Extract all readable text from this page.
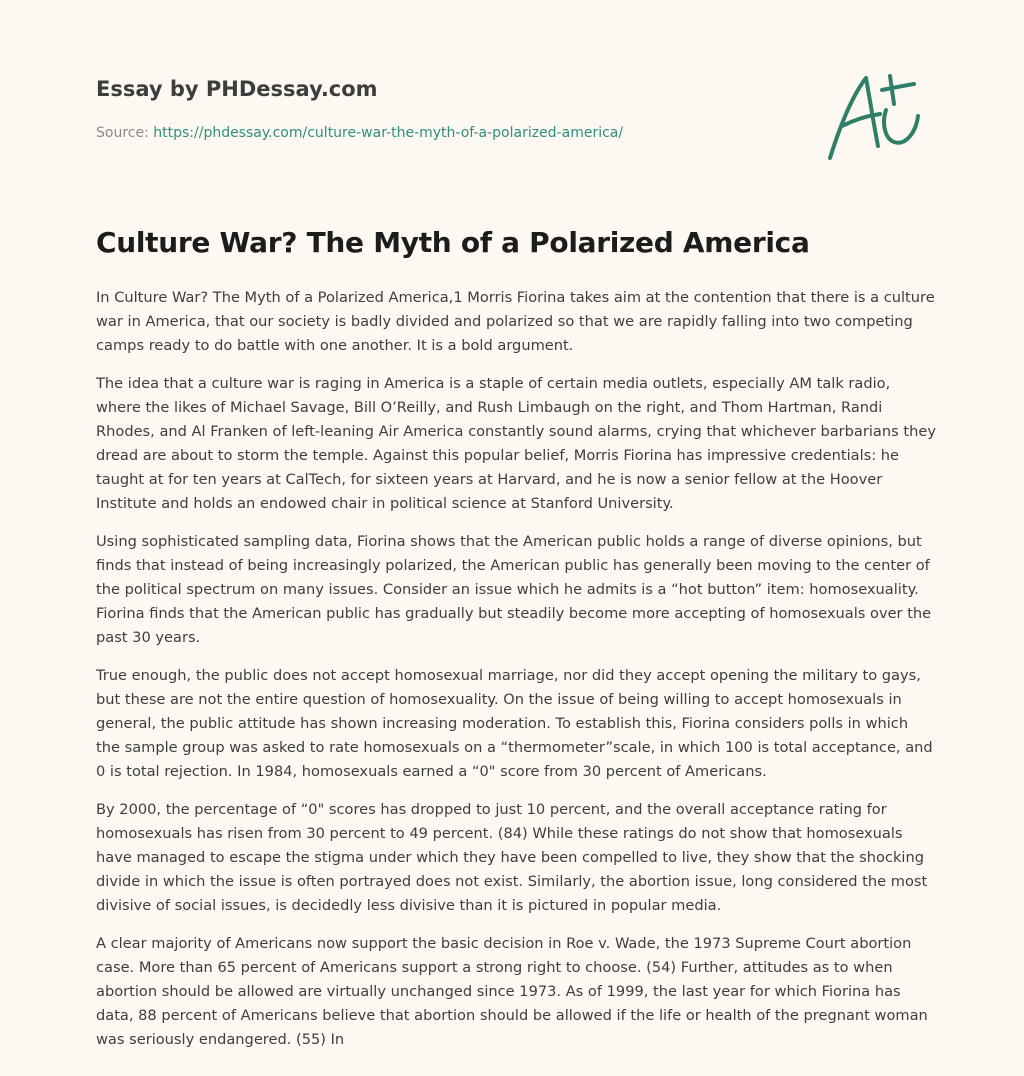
Essay by PHDessay.com
Source: https://phdessay.com/culture-war-the-myth-of-a-polarized-america/
Culture War? The Myth of a Polarized America

In Culture War? The Myth of a Polarized America,1 Morris Fiorina takes aim at the contention that there is a culture war in America, that our society is badly divided and polarized so that we are rapidly falling into two competing camps ready to do battle with one another. It is a bold argument.

The idea that a culture war is raging in America is a staple of certain media outlets, especially AM talk radio, where the likes of Michael Savage, Bill O’Reilly, and Rush Limbaugh on the right, and Thom Hartman, Randi Rhodes, and Al Franken of left-leaning Air America constantly sound alarms, crying that whichever barbarians they dread are about to storm the temple. Against this popular belief, Morris Fiorina has impressive credentials: he taught at for ten years at CalTech, for sixteen years at Harvard, and he is now a senior fellow at the Hoover Institute and holds an endowed chair in political science at Stanford University.

Using sophisticated sampling data, Fiorina shows that the American public holds a range of diverse opinions, but finds that instead of being increasingly polarized, the American public has generally been moving to the center of the political spectrum on many issues. Consider an issue which he admits is a “hot button” item: homosexuality. Fiorina finds that the American public has gradually but steadily become more accepting of homosexuals over the past 30 years.

True enough, the public does not accept homosexual marriage, nor did they accept opening the military to gays, but these are not the entire question of homosexuality. On the issue of being willing to accept homosexuals in general, the public attitude has shown increasing moderation. To establish this, Fiorina considers polls in which the sample group was asked to rate homosexuals on a “thermometer”scale, in which 100 is total acceptance, and 0 is total rejection. In 1984, homosexuals earned a “0" score from 30 percent of Americans.

By 2000, the percentage of “0" scores has dropped to just 10 percent, and the overall acceptance rating for homosexuals has risen from 30 percent to 49 percent. (84) While these ratings do not show that homosexuals have managed to escape the stigma under which they have been compelled to live, they show that the shocking divide in which the issue is often portrayed does not exist. Similarly, the abortion issue, long considered the most divisive of social issues, is decidedly less divisive than it is pictured in popular media.

A clear majority of Americans now support the basic decision in Roe v. Wade, the 1973 Supreme Court abortion case. More than 65 percent of Americans support a strong right to choose. (54) Further, attitudes as to when abortion should be allowed are virtually unchanged since 1973. As of 1999, the last year for which Fiorina has data, 88 percent of Americans believe that abortion should be allowed if the life or health of the pregnant woman was seriously endangered. (55) In
